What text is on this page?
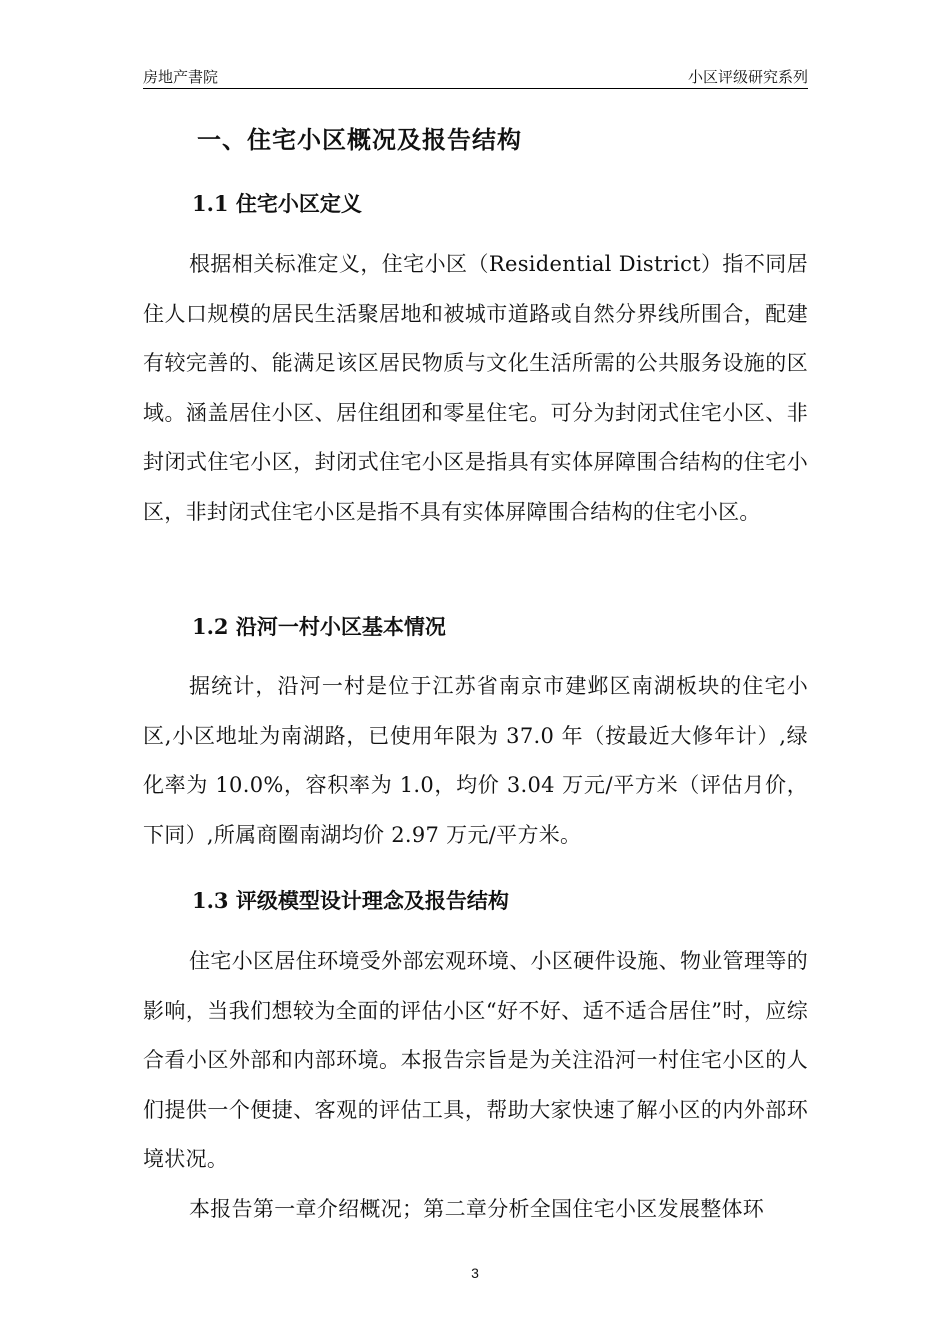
房地产書院	小区评级研究系列
一、住宅小区概况及报告结构
1.1 住宅小区定义

根据相关标准定义，住宅小区（Residential District）指不同居住人口规模的居民生活聚居地和被城市道路或自然分界线所围合，配建有较完善的、能满足该区居民物质与文化生活所需的公共服务设施的区域。涵盖居住小区、居住组团和零星住宅。可分为封闭式住宅小区、非封闭式住宅小区，封闭式住宅小区是指具有实体屏障围合结构的住宅小区，非封闭式住宅小区是指不具有实体屏障围合结构的住宅小区。

1.2 沿河一村小区基本情况

据统计，沿河一村是位于江苏省南京市建邺区南湖板块的住宅小区,小区地址为南湖路，已使用年限为 37.0 年（按最近大修年计）,绿化率为 10.0%，容积率为 1.0，均价 3.04 万元/平方米（评估月价，下同）,所属商圈南湖均价 2.97 万元/平方米。

1.3 评级模型设计理念及报告结构

住宅小区居住环境受外部宏观环境、小区硬件设施、物业管理等的影响，当我们想较为全面的评估小区“好不好、适不适合居住”时，应综合看小区外部和内部环境。本报告宗旨是为关注沿河一村住宅小区的人们提供一个便捷、客观的评估工具，帮助大家快速了解小区的内外部环境状况。

本报告第一章介绍概况；第二章分析全国住宅小区发展整体环

3
